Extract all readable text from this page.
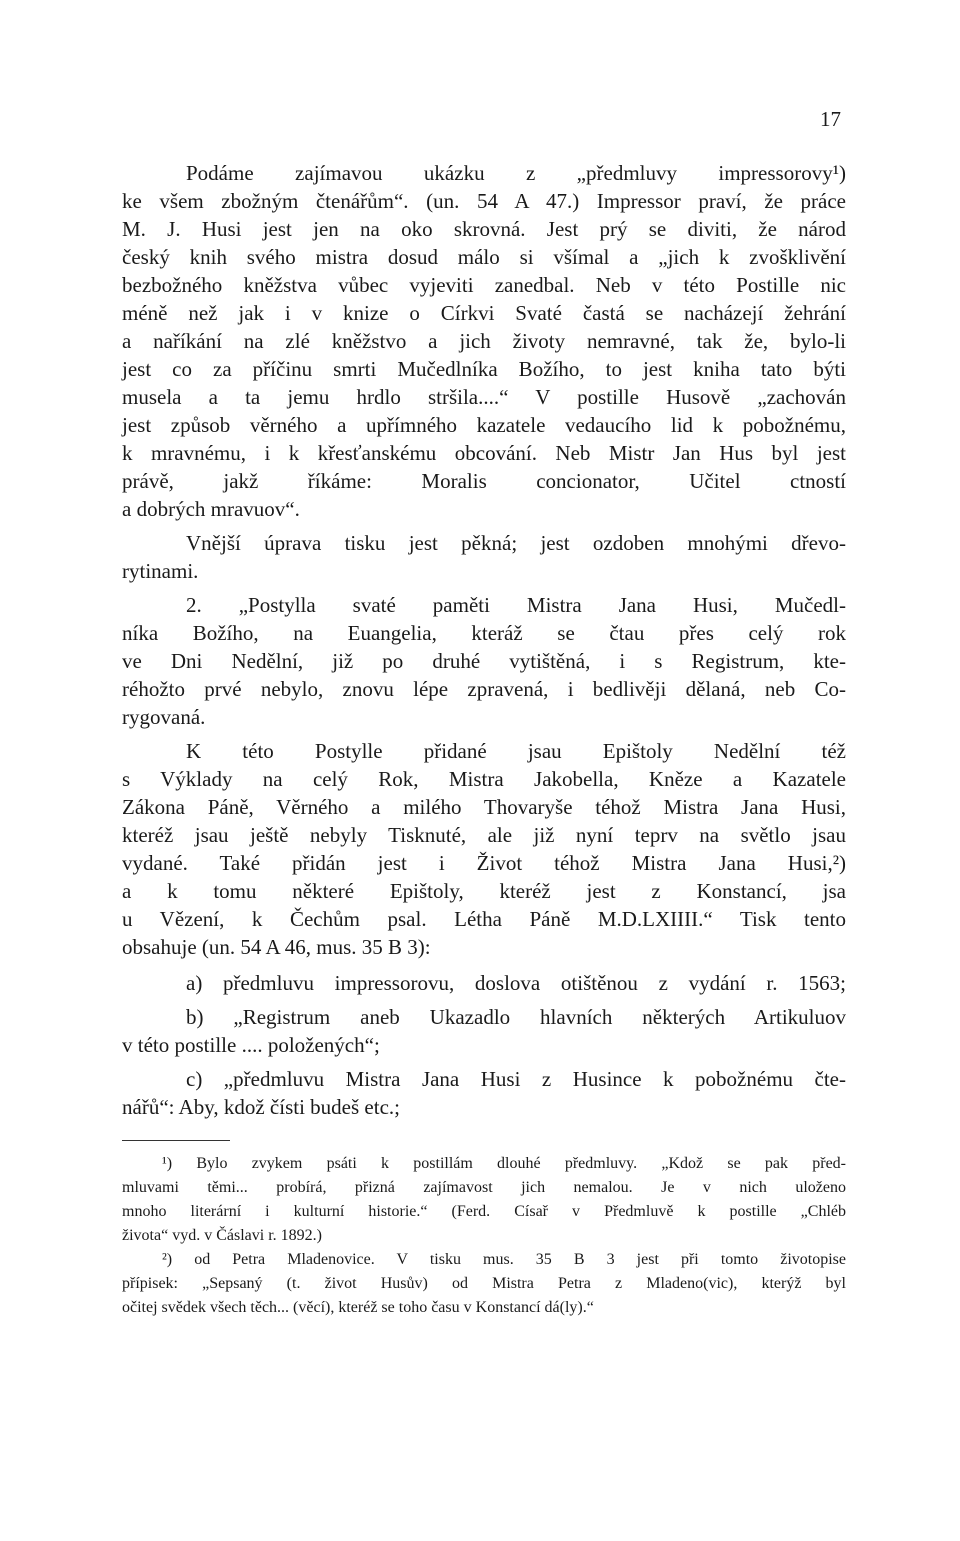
17
Podáme zajímavou ukázku z „předmluvy impressorovy¹)
ke všem zbožným čtenářům“. (un. 54 A 47.) Impressor praví, že práce
M. J. Husi jest jen na oko skrovná. Jest prý se diviti, že národ
český knih svého mistra dosud málo si všímal a „jich k zvošklivění
bezbožného kněžstva vůbec vyjeviti zanedbal. Neb v této Postille nic
méně než jak i v knize o Církvi Svaté častá se nacházejí žehrání
a naříkání na zlé kněžstvo a jich životy nemravné, tak že, bylo-li
jest co za příčinu smrti Mučedlníka Božího, to jest kniha tato býti
musela a ta jemu hrdlo stršila....“ V postille Husově „zachován
jest způsob věrného a upřímného kazatele vedaucího lid k pobožnému,
k mravnému, i k křesťanskému obcování. Neb Mistr Jan Hus byl jest
právě, jakž říkáme: Moralis concionator, Učitel ctností
a dobrých mravuov“.
Vnější úprava tisku jest pěkná; jest ozdoben mnohými dřevo-
rytinami.
2. „Postylla svaté paměti Mistra Jana Husi, Mučedl-
níka Božího, na Euangelia, kteráž se čtau přes celý rok
ve Dni Nedělní, již po druhé vytištěná, i s Registrum, kte-
réhožto prvé nebylo, znovu lépe zpravená, i bedlivěji dělaná, neb Co-
rygovaná.
K této Postylle přidané jsau Epištoly Nedělní též
s Výklady na celý Rok, Mistra Jakobella, Kněze a Kazatele
Zákona Páně, Věrného a milého Thovaryše téhož Mistra Jana Husi,
kteréž jsau ještě nebyly Tisknuté, ale již nyní teprv na světlo jsau
vydané. Také přidán jest i Život téhož Mistra Jana Husi,²)
a k tomu některé Epištoly, kteréž jest z Konstancí, jsa
u Vězení, k Čechům psal. Létha Páně M.D.LXIIII.“ Tisk tento
obsahuje (un. 54 A 46, mus. 35 B 3):
a) předmluvu impressorovu, doslova otištěnou z vydání r. 1563;
b) „Registrum aneb Ukazadlo hlavních některých Artikuluov
v této postille .... položených“;
c) „předmluvu Mistra Jana Husi z Husince k pobožnému čte-
nářů“: Aby, kdož čísti budeš etc.;
¹) Bylo zvykem psáti k postillám dlouhé předmluvy. „Kdož se pak před-
mluvami těmi... probírá, přizná zajímavost jich nemalou. Je v nich uloženo
mnoho literární i kulturní historie.“ (Ferd. Císař v Předmluvě k postille „Chléb
života“ vyd. v Čáslavi r. 1892.)
²) od Petra Mladenovice. V tisku mus. 35 B 3 jest při tomto životopise
přípisek: „Sepsaný (t. život Husův) od Mistra Petra z Mladeno(vic), kterýž byl
očitej svědek všech těch... (věcí), kteréž se toho času v Konstancí dá(ly).“
